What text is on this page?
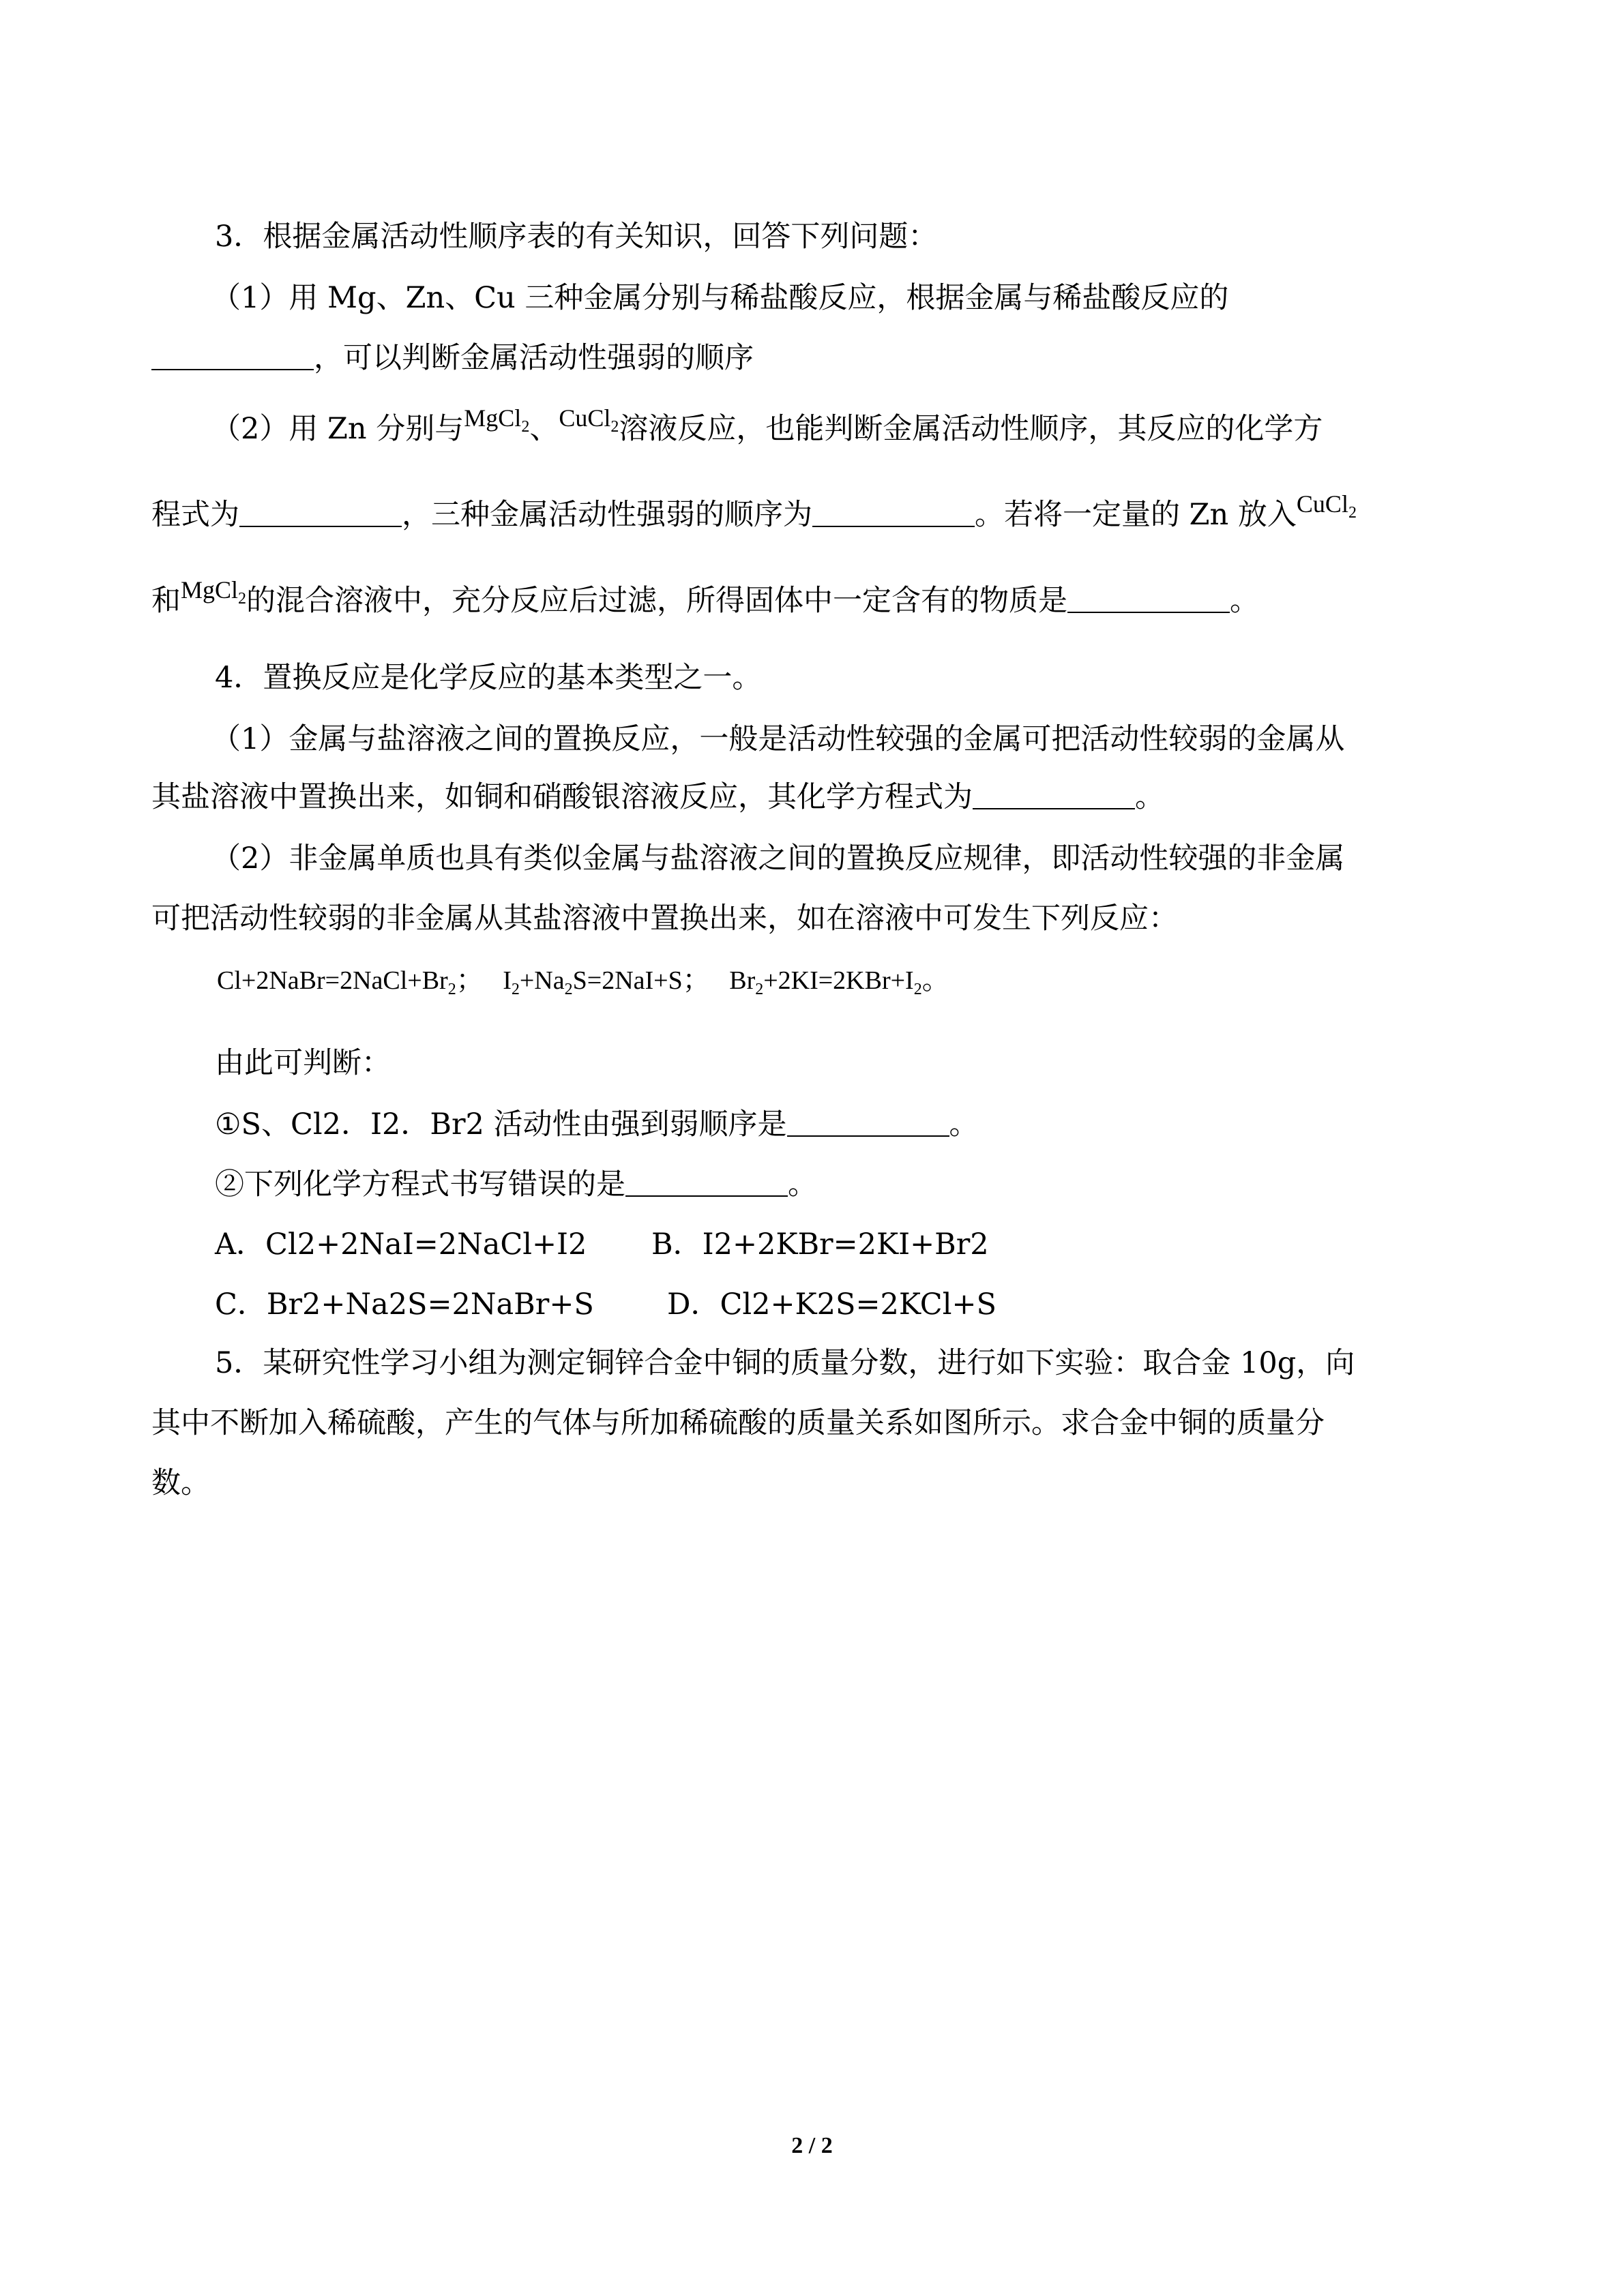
3．根据金属活动性顺序表的有关知识，回答下列问题：
（1）用 Mg、Zn、Cu 三种金属分别与稀盐酸反应，根据金属与稀盐酸反应的
，可以判断金属活动性强弱的顺序
（2）用 Zn 分别与$^{MgCl_2}$、$^{CuCl_2}$溶液反应，也能判断金属活动性顺序，其反应的化学方
程式为	，三种金属活动性强弱的顺序为	。若将一定量的 Zn 放入$^{CuCl_2}$
和$^{MgCl_2}$的混合溶液中，充分反应后过滤，所得固体中一定含有的物质是	。
4．置换反应是化学反应的基本类型之一。
（1）金属与盐溶液之间的置换反应，一般是活动性较强的金属可把活动性较弱的金属从
其盐溶液中置换出来，如铜和硝酸银溶液反应，其化学方程式为	。
（2）非金属单质也具有类似金属与盐溶液之间的置换反应规律，即活动性较强的非金属
可把活动性较弱的非金属从其盐溶液中置换出来，如在溶液中可发生下列反应：
$Cl+2NaBr=2NaCl+Br_2$； $I_2+Na_2S=2NaI+S$； $Br_2+2KI=2KBr+I_2$。
由此可判断：
①S、Cl2．I2．Br2 活动性由强到弱顺序是	。
②下列化学方程式书写错误的是	。
A．Cl2+2NaI=2NaCl+I2 B．I2+2KBr=2KI+Br2
C．Br2+Na2S=2NaBr+S D．Cl2+K2S=2KCl+S
5．某研究性学习小组为测定铜锌合金中铜的质量分数，进行如下实验：取合金 10g，向
其中不断加入稀硫酸，产生的气体与所加稀硫酸的质量关系如图所示。求合金中铜的质量分
数。
2 / 2
